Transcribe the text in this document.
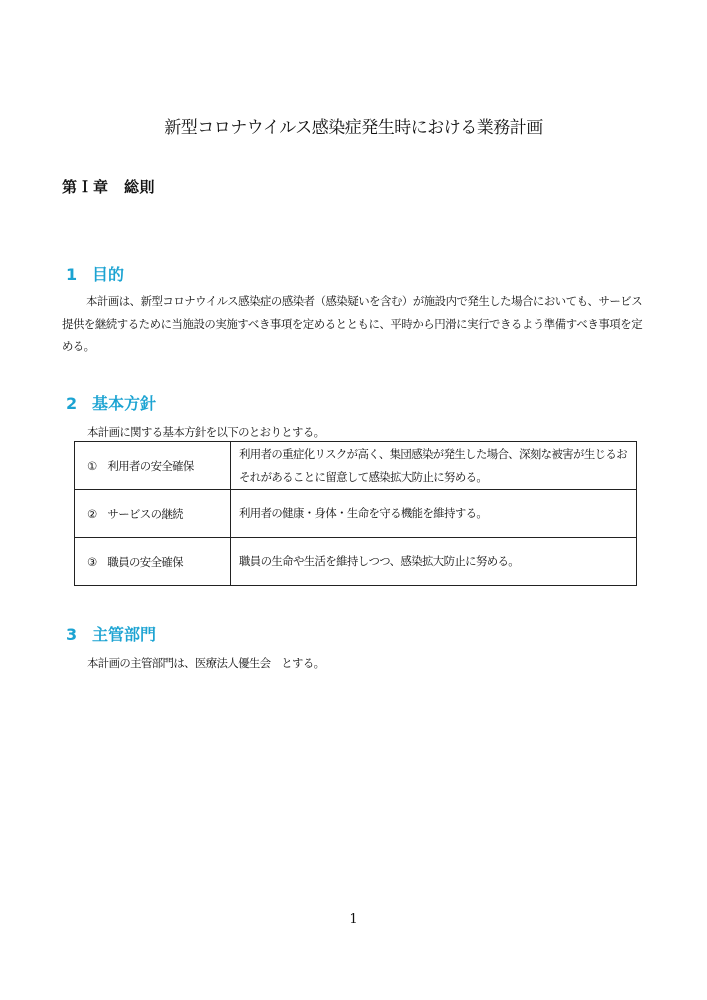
新型コロナウイルス感染症発生時における業務計画
第Ｉ章　総則
1 目的

本計画は、新型コロナウイルス感染症の感染者（感染疑いを含む）が施設内で発生した場合においても、サービス提供を継続するために当施設の実施すべき事項を定めるとともに、平時から円滑に実行できるよう準備すべき事項を定める。

2 基本方針
本計画に関する基本方針を以下のとおりとする。
①　利用者の安全確保	利用者の重症化リスクが高く、集団感染が発生した場合、深刻な被害が生じるおそれがあることに留意して感染拡大防止に努める。
②　サービスの継続	利用者の健康・身体・生命を守る機能を維持する。
③　職員の安全確保	職員の生命や生活を維持しつつ、感染拡大防止に努める。
3 主管部門
本計画の主管部門は、医療法人優生会　とする。
1
